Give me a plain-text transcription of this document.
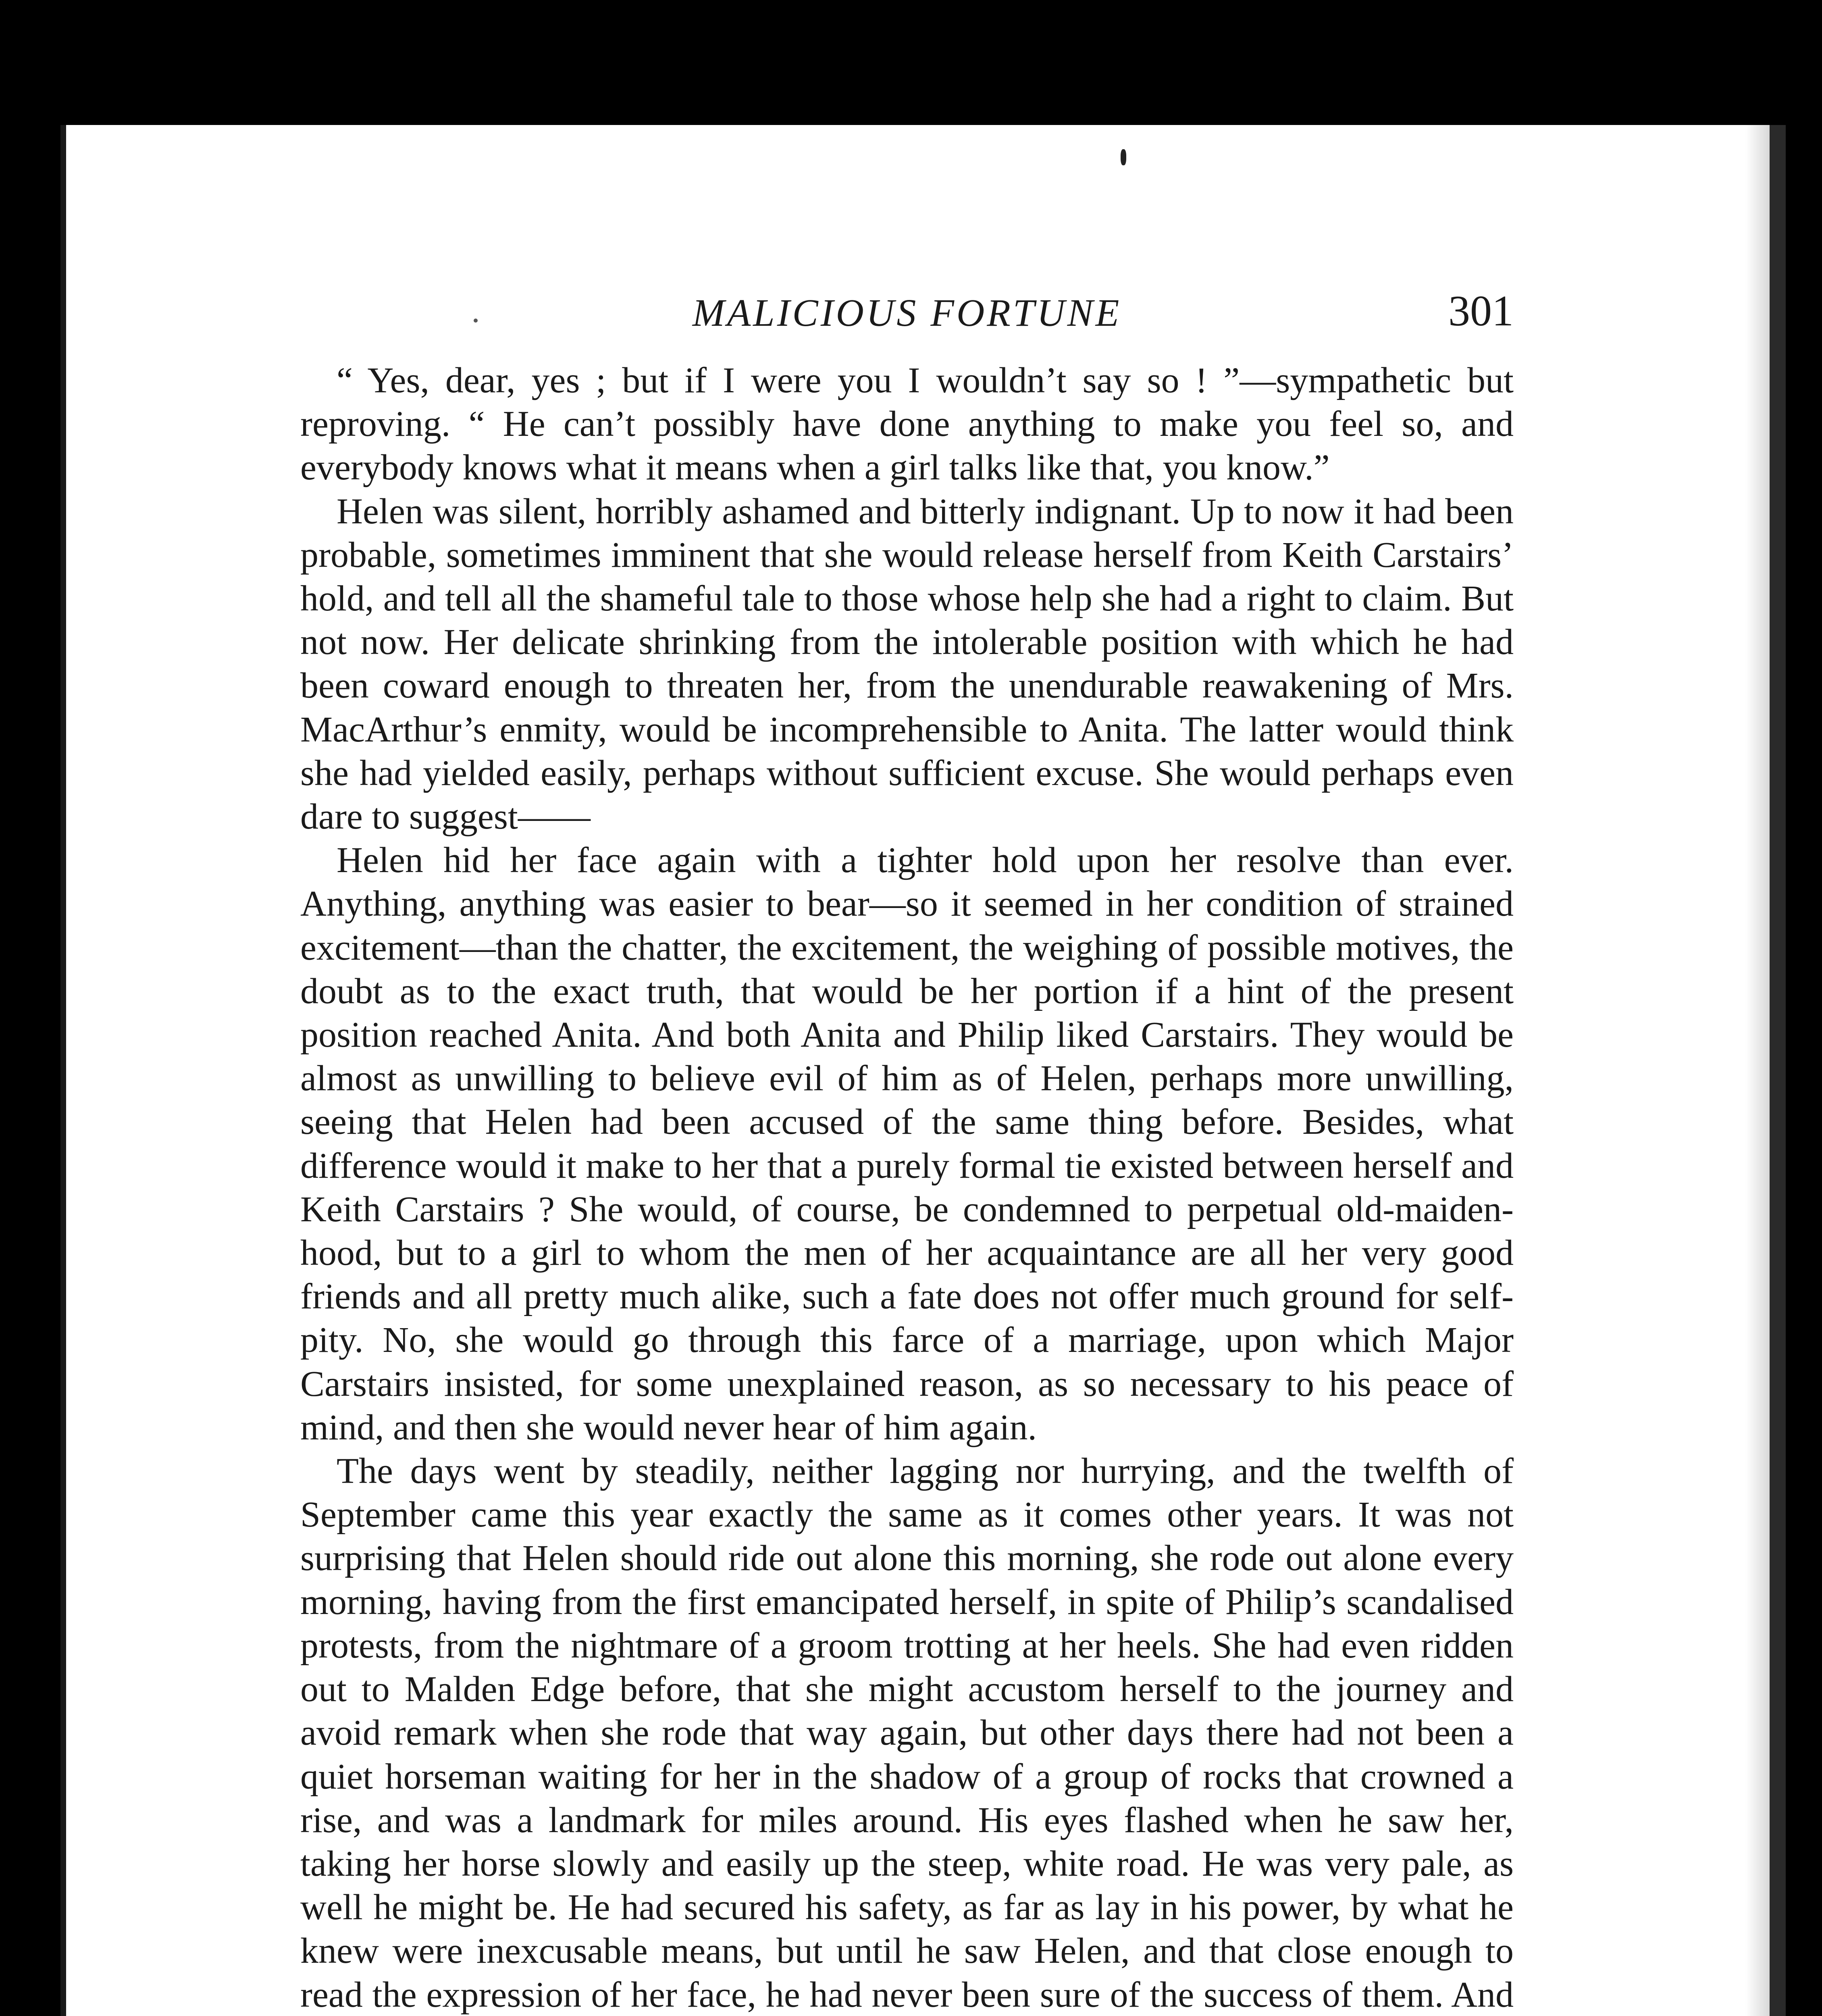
MALICIOUS FORTUNE	301

“ Yes, dear, yes ; but if I were you I wouldn’t say so ! ”—sympathetic but reproving. “ He can’t possibly have done anything to make you feel so, and everybody knows what it means when a girl talks like that, you know.”

Helen was silent, horribly ashamed and bitterly indignant. Up to now it had been probable, sometimes imminent that she would release herself from Keith Carstairs’ hold, and tell all the shameful tale to those whose help she had a right to claim. But not now. Her delicate shrinking from the intolerable position with which he had been coward enough to threaten her, from the unendurable reawakening of Mrs. MacArthur’s enmity, would be incomprehensible to Anita. The latter would think she had yielded easily, perhaps without sufficient excuse. She would perhaps even dare to suggest——

Helen hid her face again with a tighter hold upon her resolve than ever. Anything, anything was easier to bear—so it seemed in her condition of strained excitement—than the chatter, the excitement, the weighing of possible motives, the doubt as to the exact truth, that would be her portion if a hint of the present position reached Anita. And both Anita and Philip liked Carstairs. They would be almost as unwilling to believe evil of him as of Helen, perhaps more unwilling, seeing that Helen had been accused of the same thing before. Besides, what difference would it make to her that a purely formal tie existed between herself and Keith Carstairs ? She would, of course, be condemned to perpetual old-maiden-hood, but to a girl to whom the men of her acquaintance are all her very good friends and all pretty much alike, such a fate does not offer much ground for self-pity. No, she would go through this farce of a marriage, upon which Major Carstairs insisted, for some unexplained reason, as so necessary to his peace of mind, and then she would never hear of him again.

The days went by steadily, neither lagging nor hurrying, and the twelfth of September came this year exactly the same as it comes other years. It was not surprising that Helen should ride out alone this morning, she rode out alone every morning, having from the first emancipated herself, in spite of Philip’s scandalised protests, from the nightmare of a groom trotting at her heels. She had even ridden out to Malden Edge before, that she might accustom herself to the journey and avoid remark when she rode that way again, but other days there had not been a quiet horseman waiting for her in the shadow of a group of rocks that crowned a rise, and was a landmark for miles around. His eyes flashed when he saw her, taking her horse slowly and easily up the steep, white road. He was very pale, as well he might be. He had secured his safety, as far as lay in his power, by what he knew were inexcusable means, but until he saw Helen, and that close enough to read the expression of her face, he had never been sure of the success of them. And
